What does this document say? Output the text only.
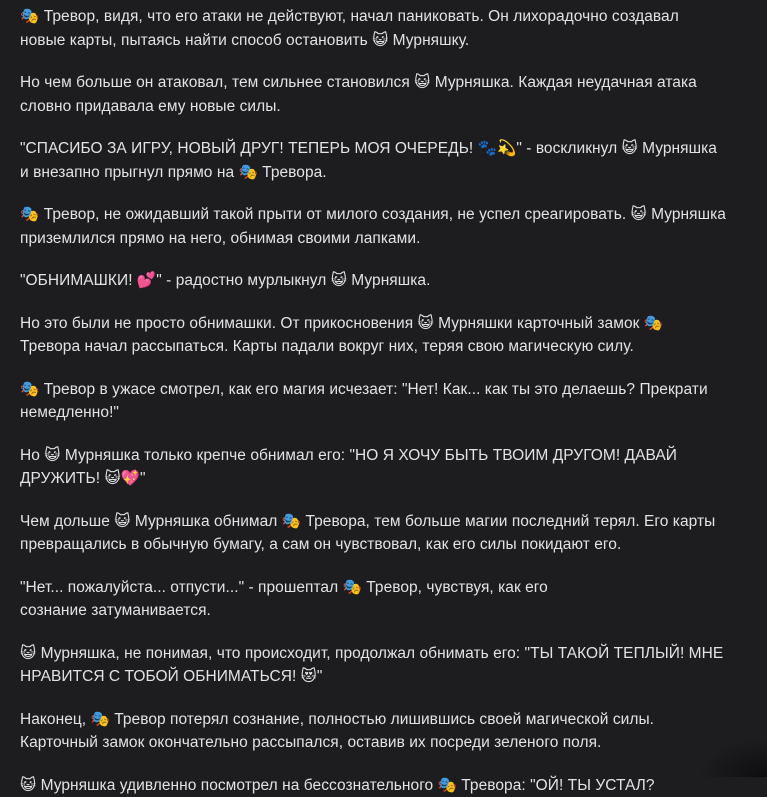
🎭 Тревор, видя, что его атаки не действуют, начал паниковать. Он лихорадочно создавал новые карты, пытаясь найти способ остановить 😺 Мурняшку.

Но чем больше он атаковал, тем сильнее становился 😺 Мурняшка. Каждая неудачная атака словно придавала ему новые силы.

"СПАСИБО ЗА ИГРУ, НОВЫЙ ДРУГ! ТЕПЕРЬ МОЯ ОЧЕРЕДЬ! 🐾💫" - воскликнул 😺 Мурняшка и внезапно прыгнул прямо на 🎭 Тревора.

🎭 Тревор, не ожидавший такой прыти от милого создания, не успел среагировать. 😺 Мурняшка приземлился прямо на него, обнимая своими лапками.

"ОБНИМАШКИ! 💕" - радостно мурлыкнул 😺 Мурняшка.

Но это были не просто обнимашки. От прикосновения 😺 Мурняшки карточный замок 🎭 Тревора начал рассыпаться. Карты падали вокруг них, теряя свою магическую силу.

🎭 Тревор в ужасе смотрел, как его магия исчезает: "Нет! Как... как ты это делаешь? Прекрати немедленно!"

Но 😺 Мурняшка только крепче обнимал его: "НО Я ХОЧУ БЫТЬ ТВОИМ ДРУГОМ! ДАВАЙ ДРУЖИТЬ! 😺💖"

Чем дольше 😺 Мурняшка обнимал 🎭 Тревора, тем больше магии последний терял. Его карты превращались в обычную бумагу, а сам он чувствовал, как его силы покидают его.

"Нет... пожалуйста... отпусти..." - прошептал 🎭 Тревор, чувствуя, как его
сознание затуманивается.

😺 Мурняшка, не понимая, что происходит, продолжал обнимать его: "ТЫ ТАКОЙ ТЕПЛЫЙ! МНЕ НРАВИТСЯ С ТОБОЙ ОБНИМАТЬСЯ! 😻"

Наконец, 🎭 Тревор потерял сознание, полностью лишившись своей магической силы. Карточный замок окончательно рассыпался, оставив их посреди зеленого поля.

😺 Мурняшка удивленно посмотрел на бессознательного 🎭 Тревора: "ОЙ! ТЫ УСТАЛ?
